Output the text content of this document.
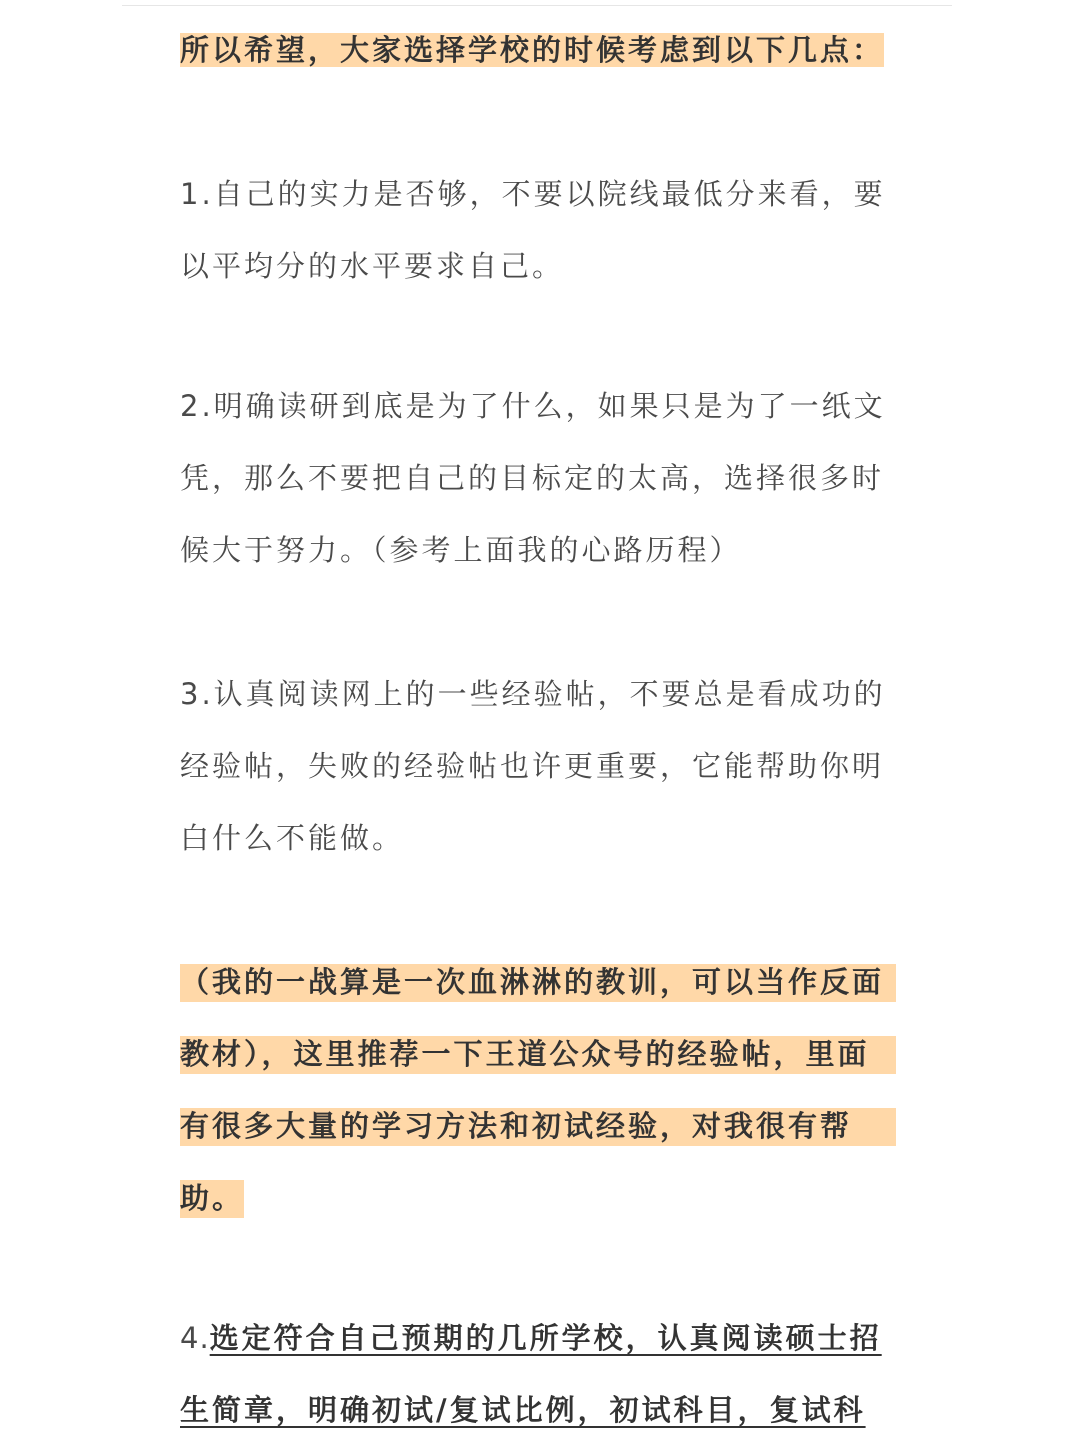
所以希望，大家选择学校的时候考虑到以下几点：
1.自己的实力是否够，不要以院线最低分来看，要
以平均分的水平要求自己。
2.明确读研到底是为了什么，如果只是为了一纸文
凭，那么不要把自己的目标定的太高，选择很多时
候大于努力。（参考上面我的心路历程）
3.认真阅读网上的一些经验帖，不要总是看成功的
经验帖，失败的经验帖也许更重要，它能帮助你明
白什么不能做。
（我的一战算是一次血淋淋的教训，可以当作反面
教材），这里推荐一下王道公众号的经验帖，里面
有很多大量的学习方法和初试经验，对我很有帮
助。
4.选定符合自己预期的几所学校，认真阅读硕士招
生简章，明确初试/复试比例，初试科目，复试科
